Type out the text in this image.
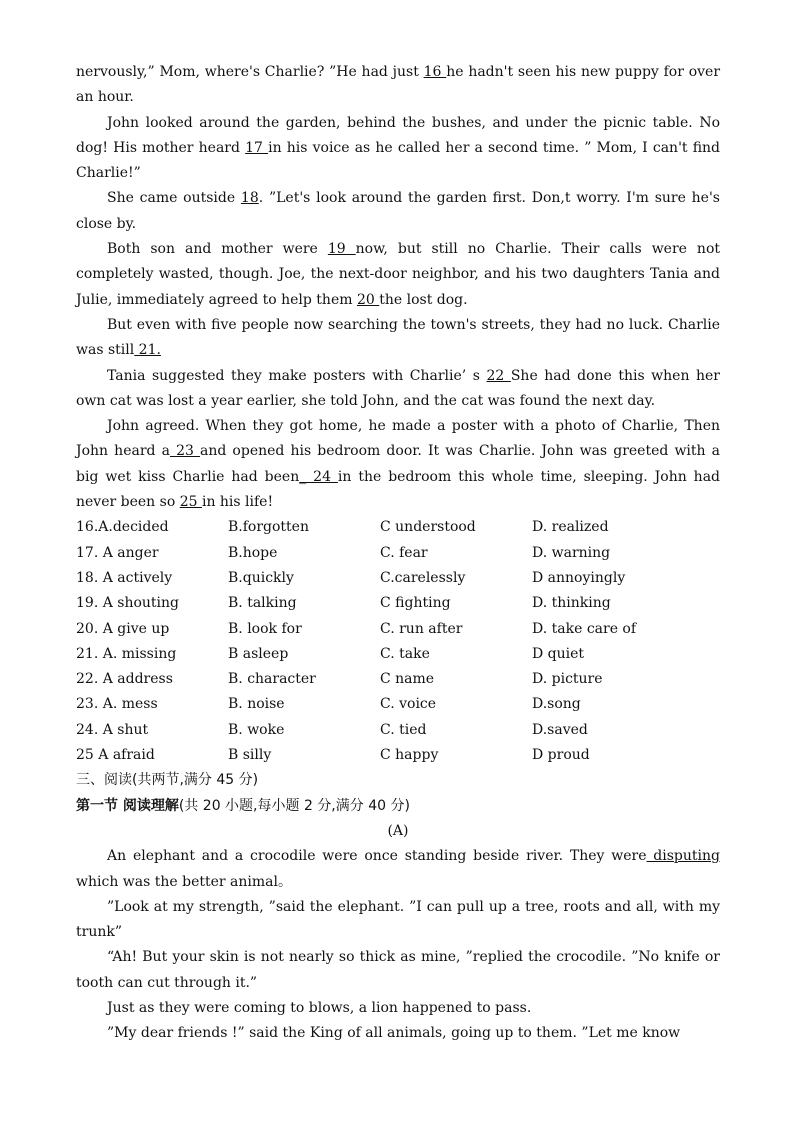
nervously,” Mom, where's Charlie? ”He had just 16 he hadn't seen his new puppy for over an hour.

John looked around the garden, behind the bushes, and under the picnic table. No dog! His mother heard 17 in his voice as he called her a second time. ” Mom, I can't find Charlie!”

She came outside 18. ”Let's look around the garden first. Don,t worry. I'm sure he's close by.

Both son and mother were 19 now, but still no Charlie. Their calls were not completely wasted, though. Joe, the next-door neighbor, and his two daughters Tania and Julie, immediately agreed to help them 20 the lost dog.

But even with five people now searching the town's streets, they had no luck. Charlie was still 21.

Tania suggested they make posters with Charlie’ s 22 She had done this when her own cat was lost a year earlier, she told John, and the cat was found the next day.

John agreed. When they got home, he made a poster with a photo of Charlie, Then John heard a 23 and opened his bedroom door. It was Charlie. John was greeted with a big wet kiss Charlie had been_ 24 in the bedroom this whole time, sleeping. John had never been so 25 in his life!

16.A.decided	B.forgotten	C understood	D. realized
17. A anger	B.hope	C. fear	D. warning
18. A actively	B.quickly	C.carelessly	D annoyingly
19. A shouting	B. talking	C fighting	D. thinking
20. A give up	B. look for	C. run after	D. take care of
21. A. missing	B asleep	C. take	D quiet
22. A address	B. character	C name	D. picture
23. A. mess	B. noise	C. voice	D.song
24. A shut	B. woke	C. tied	D.saved
25 A afraid	B silly	C happy	D proud

三、阅读(共两节,满分 45 分)

第一节 阅读理解(共 20 小题,每小题 2 分,满分 40 分)

(A)

An elephant and a crocodile were once standing beside river. They were disputing which was the better animal。

”Look at my strength, ”said the elephant. ”I can pull up a tree, roots and all, with my trunk”

“Ah! But your skin is not nearly so thick as mine, ”replied the crocodile. ”No knife or tooth can cut through it.”

Just as they were coming to blows, a lion happened to pass.

”My dear friends !” said the King of all animals, going up to them. ”Let me know
